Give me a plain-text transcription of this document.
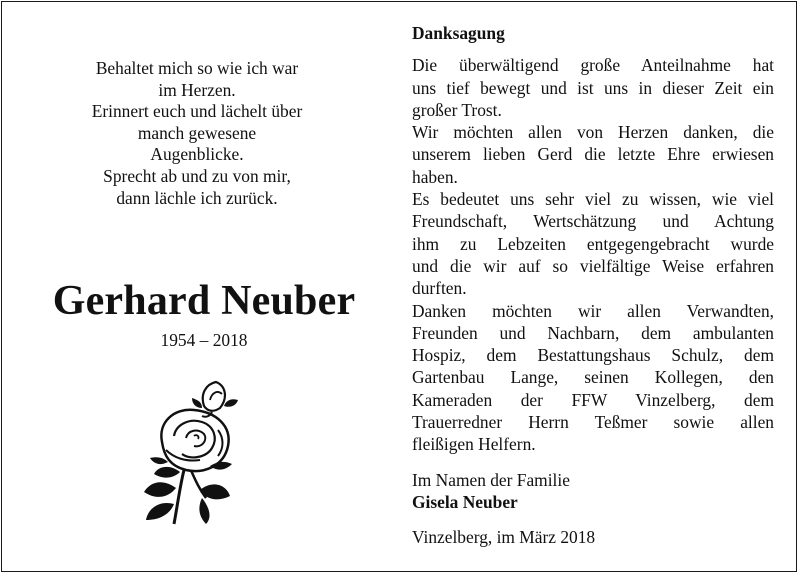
Behaltet mich so wie ich war
im Herzen.
Erinnert euch und lächelt über
manch gewesene
Augenblicke.
Sprecht ab und zu von mir,
dann lächle ich zurück.
Gerhard Neuber
1954 – 2018
Danksagung
Die überwältigend große Anteilnahme hat
uns tief bewegt und ist uns in dieser Zeit ein
großer Trost.
Wir möchten allen von Herzen danken, die
unserem lieben Gerd die letzte Ehre erwiesen
haben.
Es bedeutet uns sehr viel zu wissen, wie viel
Freundschaft, Wertschätzung und Achtung
ihm zu Lebzeiten entgegengebracht wurde
und die wir auf so vielfältige Weise erfahren
durften.
Danken möchten wir allen Verwandten,
Freunden und Nachbarn, dem ambulanten
Hospiz, dem Bestattungshaus Schulz, dem
Gartenbau Lange, seinen Kollegen, den
Kameraden der FFW Vinzelberg, dem
Trauerredner Herrn Teßmer sowie allen
fleißigen Helfern.
Im Namen der Familie
Gisela Neuber
Vinzelberg, im März 2018
